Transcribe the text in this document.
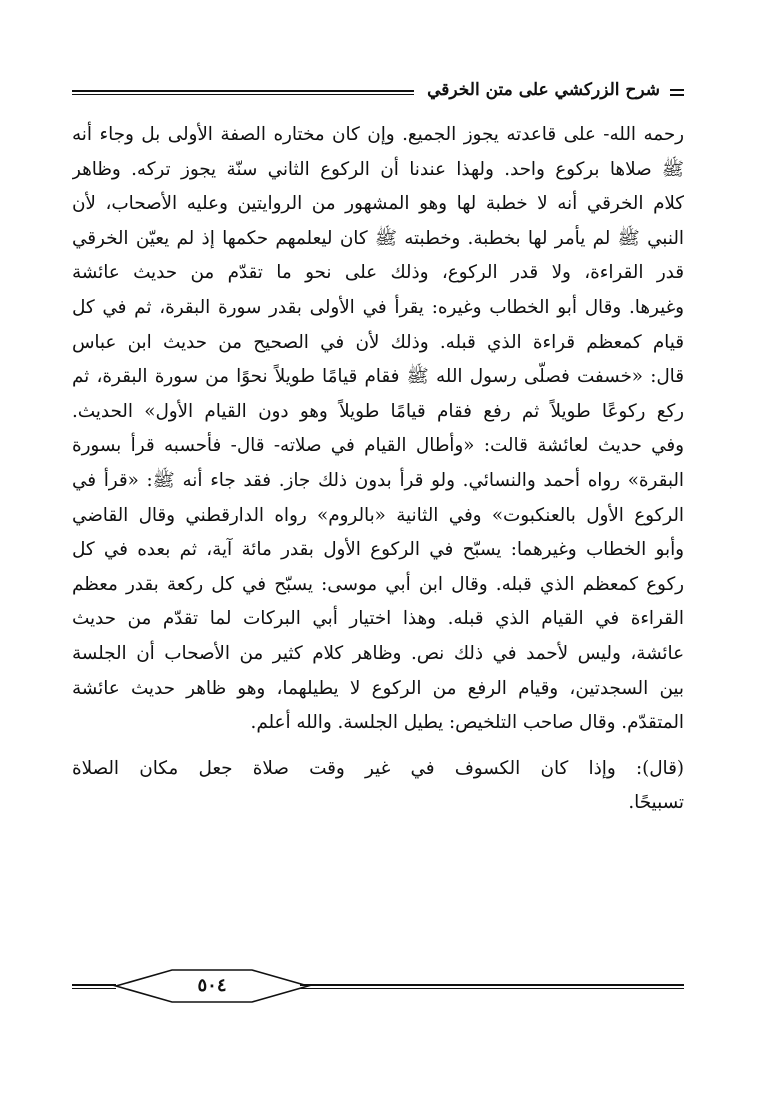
شرح الزركشي على متن الخرقي
رحمه الله- على قاعدته يجوز الجميع. وإن كان مختاره الصفة الأولى بل وجاء أنه
ﷺ صلاها بركوع واحد. ولهذا عندنا أن الركوع الثاني سنّة يجوز تركه. وظاهر
كلام الخرقي أنه لا خطبة لها وهو المشهور من الروايتين وعليه الأصحاب، لأن
النبي ﷺ لم يأمر لها بخطبة. وخطبته ﷺ كان ليعلمهم حكمها إذ لم يعيّن الخرقي
قدر القراءة، ولا قدر الركوع، وذلك على نحو ما تقدّم من حديث عائشة
وغيرها. وقال أبو الخطاب وغيره: يقرأ في الأولى بقدر سورة البقرة، ثم في كل
قيام كمعظم قراءة الذي قبله. وذلك لأن في الصحيح من حديث ابن عباس
قال: «خسفت فصلّى رسول الله ﷺ فقام قيامًا طويلاً نحوًا من سورة البقرة، ثم
ركع ركوعًا طويلاً ثم رفع فقام قيامًا طويلاً وهو دون القيام الأول» الحديث.
وفي حديث لعائشة قالت: «وأطال القيام في صلاته- قال- فأحسبه قرأ بسورة
البقرة» رواه أحمد والنسائي. ولو قرأ بدون ذلك جاز. فقد جاء أنه ﷺ: «قرأ في
الركوع الأول بالعنكبوت» وفي الثانية «بالروم» رواه الدارقطني وقال القاضي
وأبو الخطاب وغيرهما: يسبّح في الركوع الأول بقدر مائة آية، ثم بعده في كل
ركوع كمعظم الذي قبله. وقال ابن أبي موسى: يسبّح في كل ركعة بقدر معظم
القراءة في القيام الذي قبله. وهذا اختيار أبي البركات لما تقدّم من حديث
عائشة، وليس لأحمد في ذلك نص. وظاهر كلام كثير من الأصحاب أن الجلسة
بين السجدتين، وقيام الرفع من الركوع لا يطيلهما، وهو ظاهر حديث عائشة
المتقدّم. وقال صاحب التلخيص: يطيل الجلسة. والله أعلم.
(قال): وإذا كان الكسوف في غير وقت صلاة جعل مكان الصلاة
تسبيحًا.
٥٠٤
